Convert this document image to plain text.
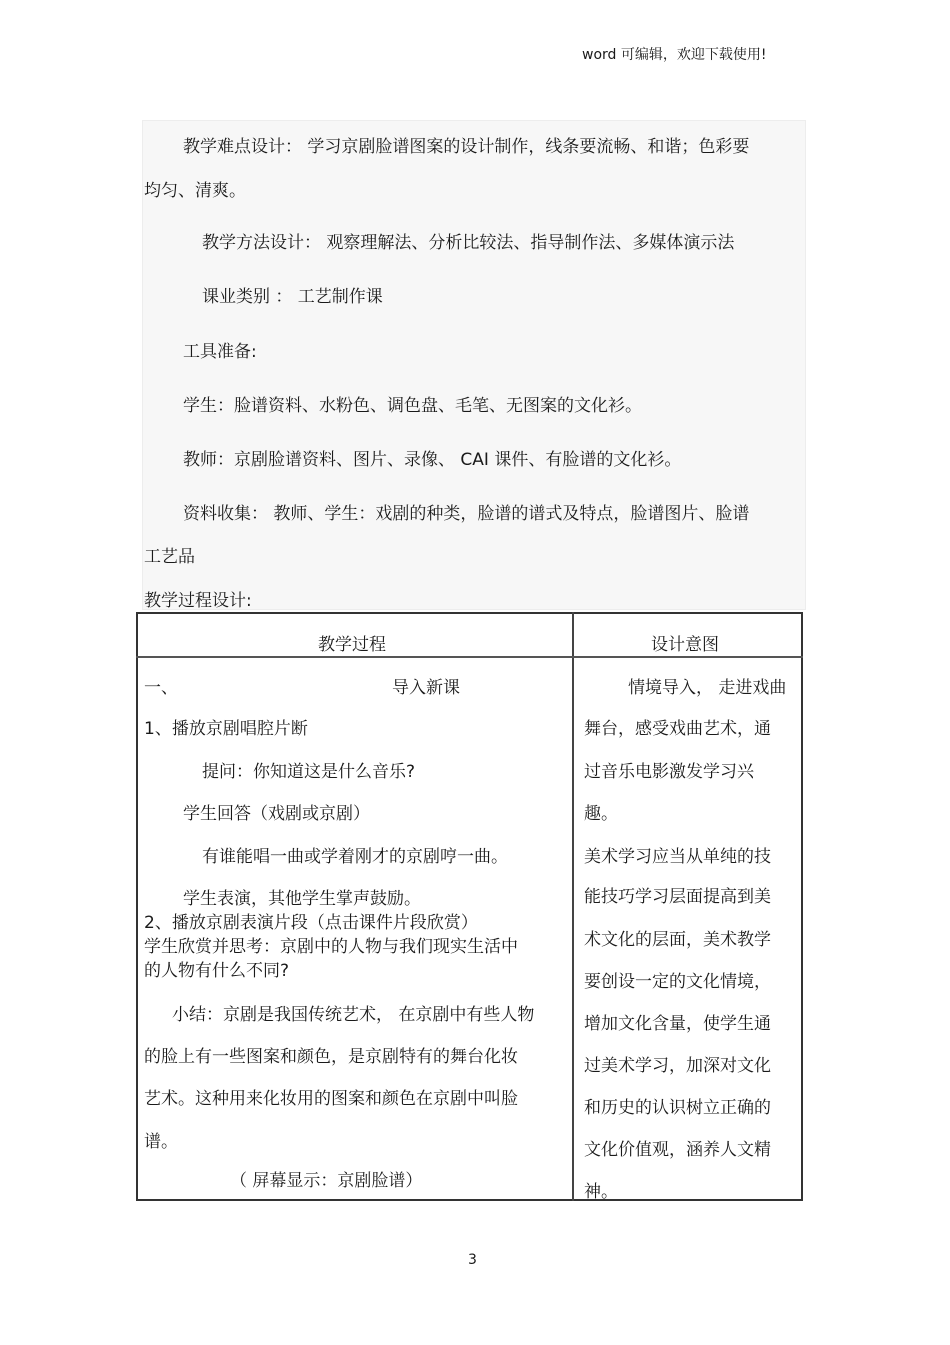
word 可编辑，欢迎下载使用!
教学难点设计： 学习京剧脸谱图案的设计制作，线条要流畅、和谐；色彩要
均匀、清爽。
教学方法设计： 观察理解法、分析比较法、指导制作法、多媒体演示法
课业类别 ： 工艺制作课
工具准备:
学生：脸谱资料、水粉色、调色盘、毛笔、无图案的文化衫。
教师：京剧脸谱资料、图片、录像、 CAI 课件、有脸谱的文化衫。
资料收集： 教师、学生：戏剧的种类，脸谱的谱式及特点，脸谱图片、脸谱
工艺品
教学过程设计:
教学过程	设计意图
一、	导入新课
1、播放京剧唱腔片断
提问：你知道这是什么音乐?
学生回答（戏剧或京剧）
有谁能唱一曲或学着刚才的京剧哼一曲。
学生表演，其他学生掌声鼓励。
2、播放京剧表演片段（点击课件片段欣赏）
学生欣赏并思考：京剧中的人物与我们现实生活中
的人物有什么不同?
小结：京剧是我国传统艺术， 在京剧中有些人物
的脸上有一些图案和颜色，是京剧特有的舞台化妆
艺术。这种用来化妆用的图案和颜色在京剧中叫脸
谱。
（ 屏幕显示：京剧脸谱）
情境导入， 走进戏曲
舞台，感受戏曲艺术，通
过音乐电影激发学习兴
趣。
美术学习应当从单纯的技
能技巧学习层面提高到美
术文化的层面，美术教学
要创设一定的文化情境，
增加文化含量，使学生通
过美术学习，加深对文化
和历史的认识树立正确的
文化价值观，涵养人文精
神。
3
